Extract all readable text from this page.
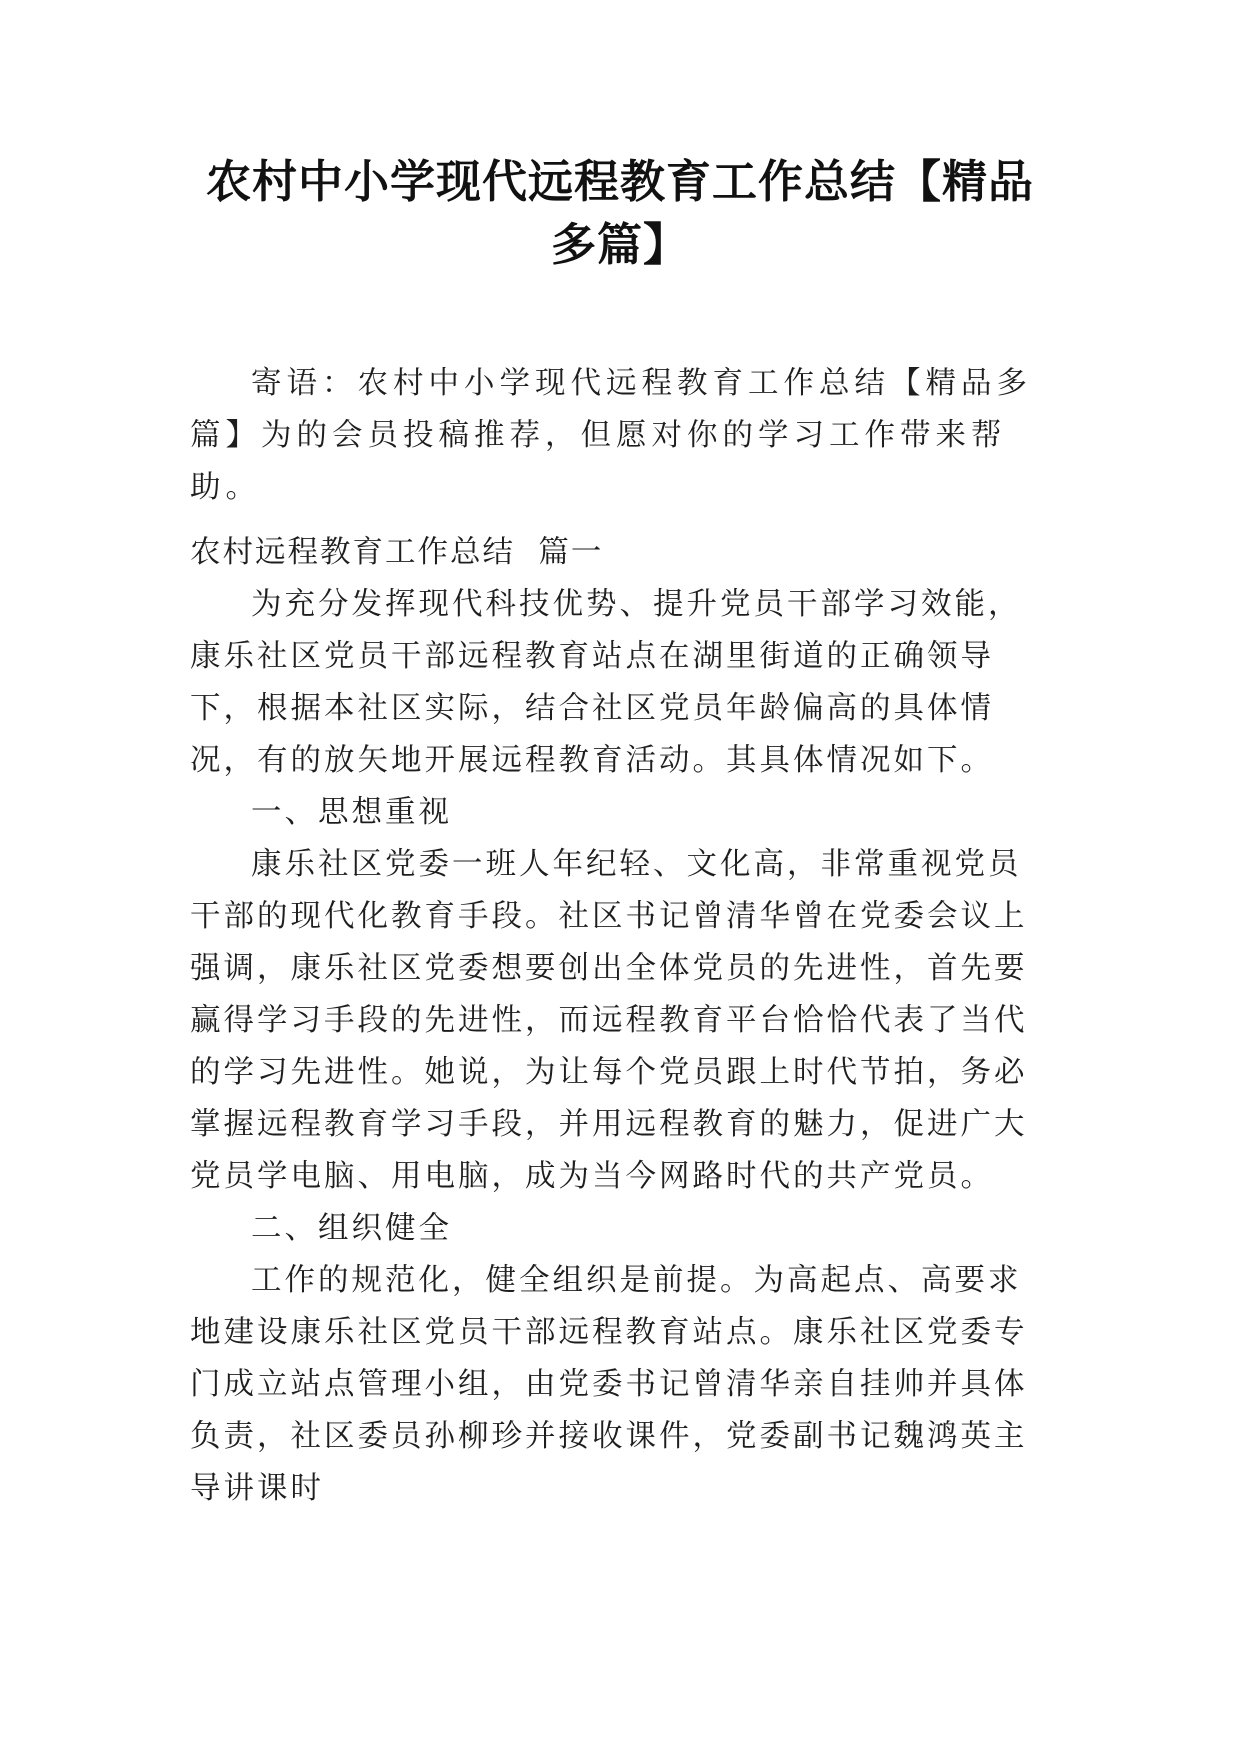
农村中小学现代远程教育工作总结【精品多篇】

寄语：农村中小学现代远程教育工作总结【精品多篇】为的会员投稿推荐，但愿对你的学习工作带来帮助。

农村远程教育工作总结  篇一

为充分发挥现代科技优势、提升党员干部学习效能，康乐社区党员干部远程教育站点在湖里街道的正确领导下，根据本社区实际，结合社区党员年龄偏高的具体情况，有的放矢地开展远程教育活动。其具体情况如下。

一、思想重视

康乐社区党委一班人年纪轻、文化高，非常重视党员干部的现代化教育手段。社区书记曾清华曾在党委会议上强调，康乐社区党委想要创出全体党员的先进性，首先要赢得学习手段的先进性，而远程教育平台恰恰代表了当代的学习先进性。她说，为让每个党员跟上时代节拍，务必掌握远程教育学习手段，并用远程教育的魅力，促进广大党员学电脑、用电脑，成为当今网路时代的共产党员。

二、组织健全

工作的规范化，健全组织是前提。为高起点、高要求地建设康乐社区党员干部远程教育站点。康乐社区党委专门成立站点管理小组，由党委书记曾清华亲自挂帅并具体负责，社区委员孙柳珍并接收课件，党委副书记魏鸿英主导讲课时
